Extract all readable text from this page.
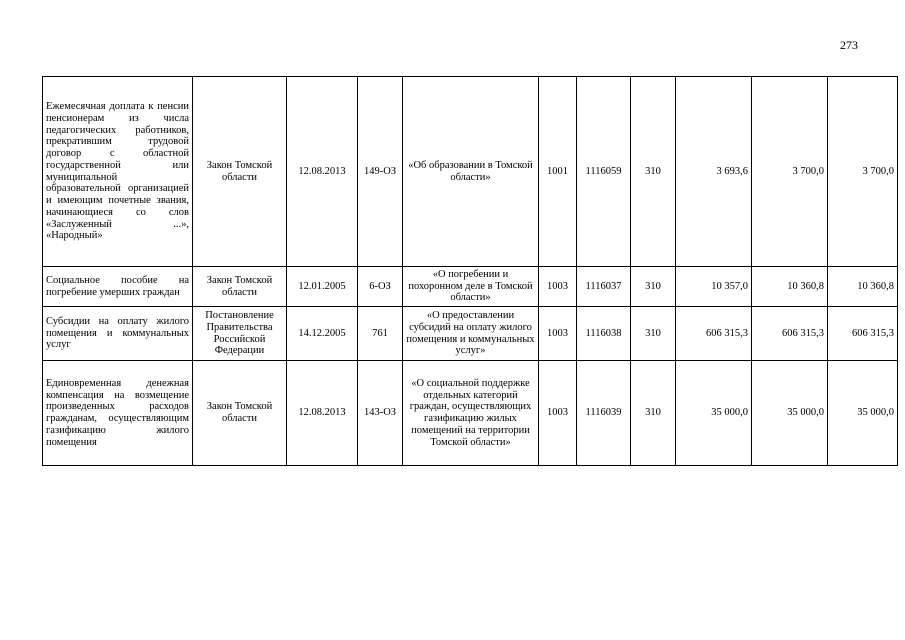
273
Ежемесячная доплата к пенсии пенсионерам из числа педагогических работников, прекратившим трудовой договор с областной государственной или муниципальной образовательной организацией и имеющим почетные звания, начинающиеся со слов «Заслуженный ...», «Народный»	Закон Томской области	12.08.2013	149-ОЗ	«Об образовании в Томской области»	1001	1116059	310	3 693,6	3 700,0	3 700,0
Социальное пособие на погребение умерших граждан	Закон Томской области	12.01.2005	6-ОЗ	«О погребении и похоронном деле в Томской области»	1003	1116037	310	10 357,0	10 360,8	10 360,8
Субсидии на оплату жилого помещения и коммунальных услуг	Постановление Правительства Российской Федерации	14.12.2005	761	«О предоставлении субсидий на оплату жилого помещения и коммунальных услуг»	1003	1116038	310	606 315,3	606 315,3	606 315,3
Единовременная денежная компенсация на возмещение произведенных расходов гражданам, осуществляющим газификацию жилого помещения	Закон Томской области	12.08.2013	143-ОЗ	«О социальной поддержке отдельных категорий граждан, осуществляющих газификацию жилых помещений на территории Томской области»	1003	1116039	310	35 000,0	35 000,0	35 000,0
